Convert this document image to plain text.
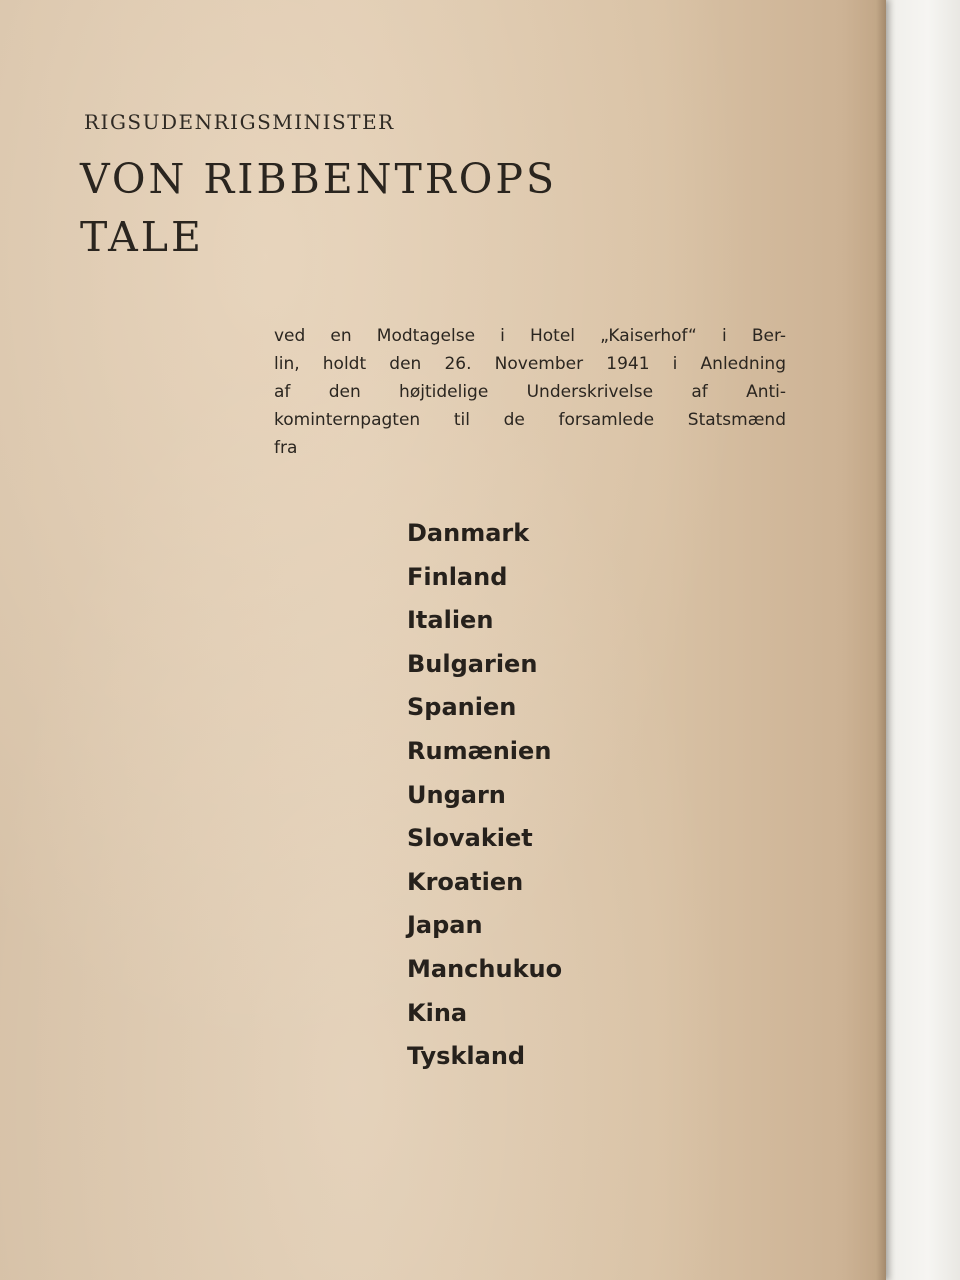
RIGSUDENRIGSMINISTER
VON RIBBENTROPS
TALE

ved en Modtagelse i Hotel „Kaiserhof“ i Ber-
lin, holdt den 26. November 1941 i Anledning
af den højtidelige Underskrivelse af Anti-
kominternpagten til de forsamlede Statsmænd
fra

Danmark
Finland
Italien
Bulgarien
Spanien
Rumænien
Ungarn
Slovakiet
Kroatien
Japan
Manchukuo
Kina
Tyskland
